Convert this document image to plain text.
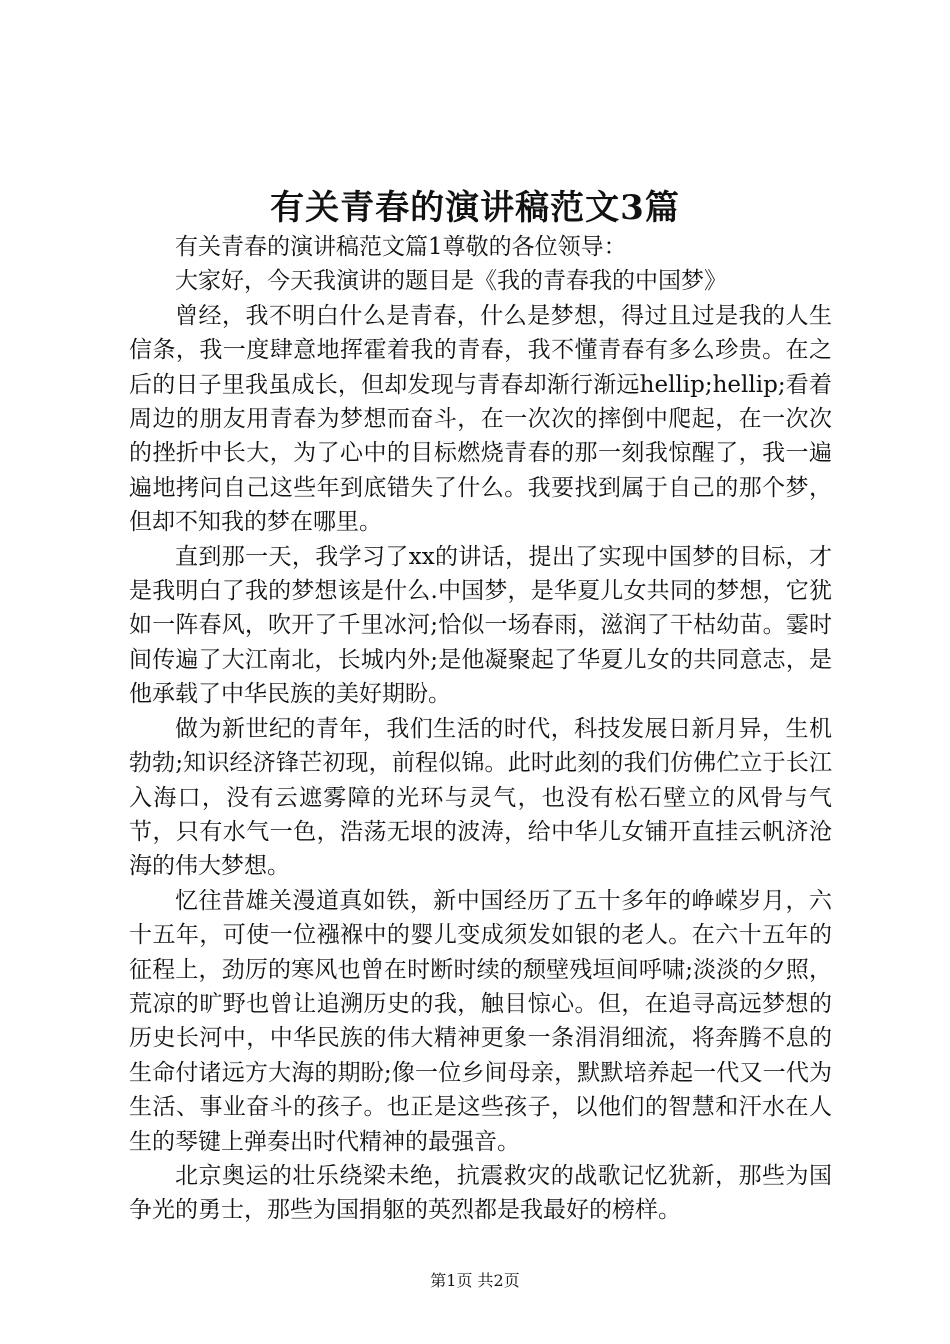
有关青春的演讲稿范文3篇

有关青春的演讲稿范文篇1尊敬的各位领导：

大家好，今天我演讲的题目是《我的青春我的中国梦》

曾经，我不明白什么是青春，什么是梦想，得过且过是我的人生信条，我一度肆意地挥霍着我的青春，我不懂青春有多么珍贵。在之后的日子里我虽成长，但却发现与青春却渐行渐远hellip;hellip;看着周边的朋友用青春为梦想而奋斗，在一次次的摔倒中爬起，在一次次的挫折中长大，为了心中的目标燃烧青春的那一刻我惊醒了，我一遍遍地拷问自己这些年到底错失了什么。我要找到属于自己的那个梦，但却不知我的梦在哪里。

直到那一天，我学习了xx的讲话，提出了实现中国梦的目标，才是我明白了我的梦想该是什么.中国梦，是华夏儿女共同的梦想，它犹如一阵春风，吹开了千里冰河;恰似一场春雨，滋润了干枯幼苗。霎时间传遍了大江南北，长城内外;是他凝聚起了华夏儿女的共同意志，是他承载了中华民族的美好期盼。

做为新世纪的青年，我们生活的时代，科技发展日新月异，生机勃勃;知识经济锋芒初现，前程似锦。此时此刻的我们仿佛伫立于长江入海口，没有云遮雾障的光环与灵气，也没有松石壁立的风骨与气节，只有水气一色，浩荡无垠的波涛，给中华儿女铺开直挂云帆济沧海的伟大梦想。

忆往昔雄关漫道真如铁，新中国经历了五十多年的峥嵘岁月，六十五年，可使一位襁褓中的婴儿变成须发如银的老人。在六十五年的征程上，劲厉的寒风也曾在时断时续的颓壁残垣间呼啸;淡淡的夕照，荒凉的旷野也曾让追溯历史的我，触目惊心。但，在追寻高远梦想的历史长河中，中华民族的伟大精神更象一条涓涓细流，将奔腾不息的生命付诸远方大海的期盼;像一位乡间母亲，默默培养起一代又一代为生活、事业奋斗的孩子。也正是这些孩子，以他们的智慧和汗水在人生的琴键上弹奏出时代精神的最强音。

北京奥运的壮乐绕梁未绝，抗震救灾的战歌记忆犹新，那些为国争光的勇士，那些为国捐躯的英烈都是我最好的榜样。

第1页 共2页
